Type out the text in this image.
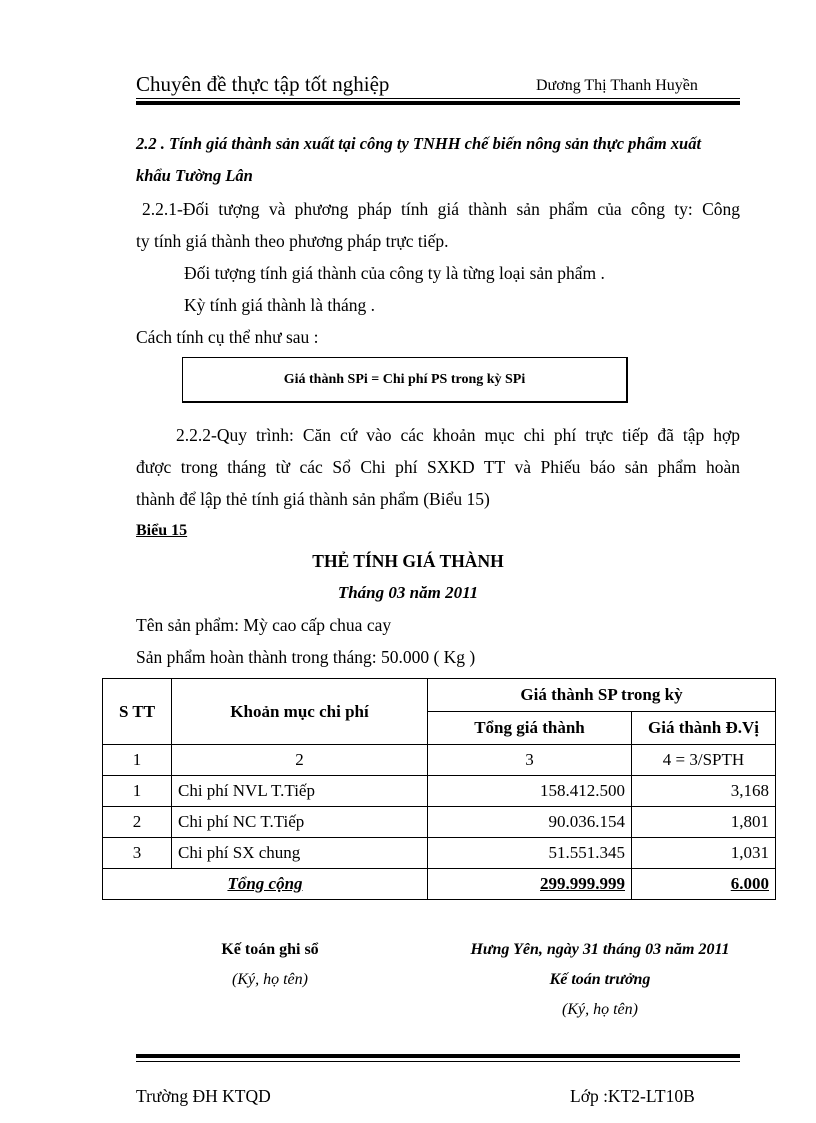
Chuyên đề thực tập tốt nghiệp	Dương Thị Thanh Huyền
2.2 . Tính giá thành sản xuất tại công ty TNHH chế biến nông sản thực phẩm xuất
khẩu Tường Lân
2.2.1-Đối tượng và phương pháp tính giá thành sản phẩm của công ty: Công
ty tính giá thành theo phương pháp trực tiếp.
Đối tượng tính giá thành của công ty là từng loại sản phẩm .
Kỳ tính giá thành là tháng .
Cách tính cụ thể như sau :
Giá thành SPi = Chi phí PS trong kỳ SPi
2.2.2-Quy trình: Căn cứ vào các khoản mục chi phí trực tiếp đã tập hợp
được trong tháng từ các Sổ Chi phí SXKD TT và Phiếu báo sản phẩm hoàn
thành để lập thẻ tính giá thành sản phẩm (Biểu 15)
Biểu 15
THẺ TÍNH GIÁ THÀNH
Tháng 03 năm 2011
Tên sản phẩm: Mỳ cao cấp chua cay
Sản phẩm hoàn thành trong tháng: 50.000 ( Kg )
S TT	Khoản mục chi phí	Giá thành SP trong kỳ	
		Tổng giá thành	Giá thành Đ.Vị
1	2	3	4 = 3/SPTH
1	Chi phí NVL T.Tiếp	158.412.500	3,168
2	Chi phí NC T.Tiếp	90.036.154	1,801
3	Chi phí SX chung	51.551.345	1,031
Tổng cộng		299.999.999	6.000
Kế toán ghi sổ
(Ký, họ tên)
Hưng Yên, ngày 31 tháng 03 năm 2011
Kế toán trưởng
(Ký, họ tên)
Trường ĐH KTQD	Lớp :KT2-LT10B
